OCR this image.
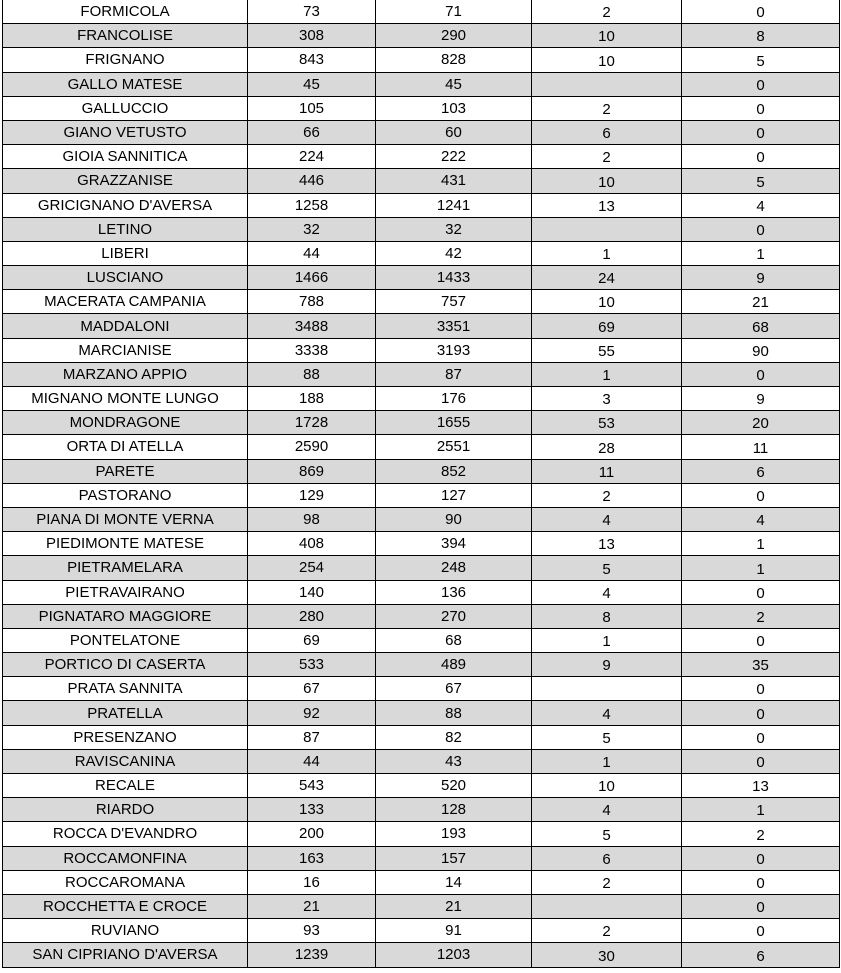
FORMICOLA	73	71	2	0
FRANCOLISE	308	290	10	8
FRIGNANO	843	828	10	5
GALLO MATESE	45	45		0
GALLUCCIO	105	103	2	0
GIANO VETUSTO	66	60	6	0
GIOIA SANNITICA	224	222	2	0
GRAZZANISE	446	431	10	5
GRICIGNANO D'AVERSA	1258	1241	13	4
LETINO	32	32		0
LIBERI	44	42	1	1
LUSCIANO	1466	1433	24	9
MACERATA CAMPANIA	788	757	10	21
MADDALONI	3488	3351	69	68
MARCIANISE	3338	3193	55	90
MARZANO APPIO	88	87	1	0
MIGNANO MONTE LUNGO	188	176	3	9
MONDRAGONE	1728	1655	53	20
ORTA DI ATELLA	2590	2551	28	11
PARETE	869	852	11	6
PASTORANO	129	127	2	0
PIANA DI MONTE VERNA	98	90	4	4
PIEDIMONTE MATESE	408	394	13	1
PIETRAMELARA	254	248	5	1
PIETRAVAIRANO	140	136	4	0
PIGNATARO MAGGIORE	280	270	8	2
PONTELATONE	69	68	1	0
PORTICO DI CASERTA	533	489	9	35
PRATA SANNITA	67	67		0
PRATELLA	92	88	4	0
PRESENZANO	87	82	5	0
RAVISCANINA	44	43	1	0
RECALE	543	520	10	13
RIARDO	133	128	4	1
ROCCA D'EVANDRO	200	193	5	2
ROCCAMONFINA	163	157	6	0
ROCCAROMANA	16	14	2	0
ROCCHETTA E CROCE	21	21		0
RUVIANO	93	91	2	0
SAN CIPRIANO D'AVERSA	1239	1203	30	6
